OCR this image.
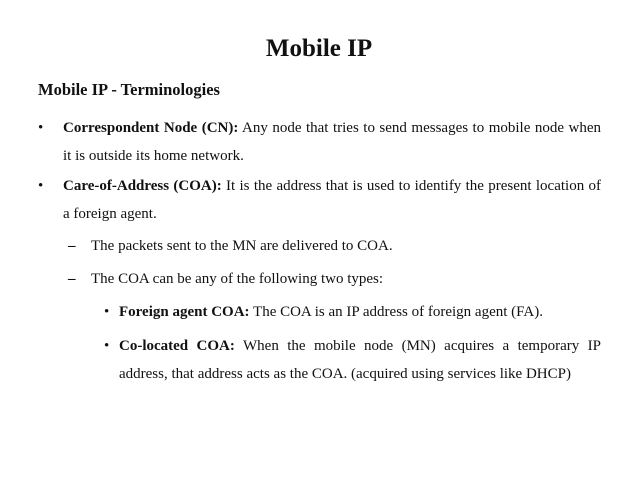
Mobile IP
Mobile IP - Terminologies
• Correspondent Node (CN): Any node that tries to send messages to mobile node when it is outside its home network.
• Care-of-Address (COA): It is the address that is used to identify the present location of a foreign agent.
– The packets sent to the MN are delivered to COA.
– The COA can be any of the following two types:
• Foreign agent COA: The COA is an IP address of foreign agent (FA).
• Co-located COA: When the mobile node (MN) acquires a temporary IP address, that address acts as the COA. (acquired using services like DHCP)
